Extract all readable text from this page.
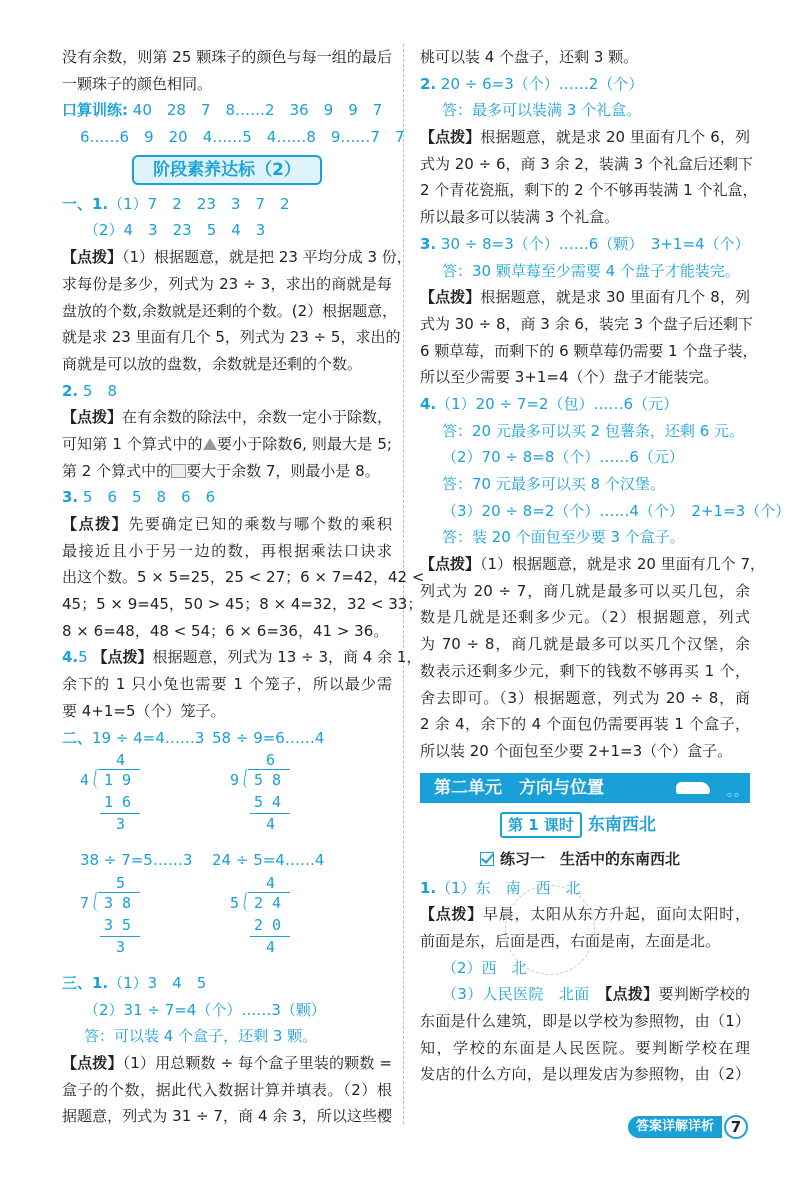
没有余数，则第 25 颗珠子的颜色与每一组的最后
一颗珠子的颜色相同。
口算训练: 40　28　7　8……2　36　9　9　7
6……6　9　20　4……5　4……8　9……7　7
阶段素养达标（2）
一、1.（1）7　2　23　3　7　2
（2）4　3　23　5　4　3
【点拨】（1）根据题意，就是把 23 平均分成 3 份，
求每份是多少，列式为 23 ÷ 3，求出的商就是每
盘放的个数,余数就是还剩的个数。(2）根据题意，
就是求 23 里面有几个 5，列式为 23 ÷ 5，求出的
商就是可以放的盘数，余数就是还剩的个数。
2. 5　8
【点拨】在有余数的除法中，余数一定小于除数，
可知第 1 个算式中的 要小于除数6, 则最大是 5;
第 2 个算式中的 要大于余数 7，则最小是 8。
3. 5　6　5　8　6　6
【点拨】先要确定已知的乘数与哪个数的乘积
最接近且小于另一边的数，再根据乘法口诀求
出这个数。5 × 5=25，25 < 27；6 × 7=42，42 <
45；5 × 9=45，50 > 45；8 × 4=32，32 < 33；
8 × 6=48，48 < 54；6 × 6=36，41 > 36。
4.5 【点拨】根据题意，列式为 13 ÷ 3，商 4 余 1，
余下的 1 只小兔也需要 1 个笼子，所以最少需
要 4+1=5（个）笼子。
二、19 ÷ 4=4……3 58 ÷ 9=6……4
4
4 1 9
1 6
3
6
9 5 8
5 4
4
38 ÷ 7=5……3 24 ÷ 5=4……4
5
7 3 8
3 5
3
4
5 2 4
2 0
4
三、1.（1）3　4　5
（2）31 ÷ 7=4（个）……3（颗）
答：可以装 4 个盒子，还剩 3 颗。
【点拨】（1）用总颗数 ÷ 每个盒子里装的颗数 =
盒子的个数，据此代入数据计算并填表。（2）根
据题意，列式为 31 ÷ 7，商 4 余 3，所以这些樱
桃可以装 4 个盘子，还剩 3 颗。
2. 20 ÷ 6=3（个）……2（个）
答：最多可以装满 3 个礼盒。
【点拨】根据题意，就是求 20 里面有几个 6，列
式为 20 ÷ 6，商 3 余 2，装满 3 个礼盒后还剩下
2 个青花瓷瓶，剩下的 2 个不够再装满 1 个礼盒，
所以最多可以装满 3 个礼盒。
3. 30 ÷ 8=3（个）……6（颗）　3+1=4（个）
答：30 颗草莓至少需要 4 个盘子才能装完。
【点拨】根据题意，就是求 30 里面有几个 8，列
式为 30 ÷ 8，商 3 余 6，装完 3 个盘子后还剩下
6 颗草莓，而剩下的 6 颗草莓仍需要 1 个盘子装，
所以至少需要 3+1=4（个）盘子才能装完。
4.（1）20 ÷ 7=2（包）……6（元）
答：20 元最多可以买 2 包薯条，还剩 6 元。
（2）70 ÷ 8=8（个）……6（元）
答：70 元最多可以买 8 个汉堡。
（3）20 ÷ 8=2（个）……4（个）　2+1=3（个）
答：装 20 个面包至少要 3 个盒子。
【点拨】（1）根据题意，就是求 20 里面有几个 7，
列式为 20 ÷ 7，商几就是最多可以买几包，余
数是几就是还剩多少元。（2）根据题意，列式
为 70 ÷ 8，商几就是最多可以买几个汉堡，余
数表示还剩多少元，剩下的钱数不够再买 1 个，
舍去即可。（3）根据题意，列式为 20 ÷ 8，商
2 余 4，余下的 4 个面包仍需要再装 1 个盒子，
所以装 20 个面包至少要 2+1=3（个）盒子。
第二单元　方向与位置	◦◦
第 1 课时 东南西北
练习一　生活中的东南西北
1.（1）东　南　西　北
【点拨】早晨，太阳从东方升起，面向太阳时，
前面是东，后面是西，右面是南，左面是北。
（2）西　北
（3）人民医院　北面　 【点拨】要判断学校的
东面是什么建筑，即是以学校为参照物，由（1）
知，学校的东面是人民医院。要判断学校在理
发店的什么方向，是以理发店为参照物，由（2）
答案详解详析 7
